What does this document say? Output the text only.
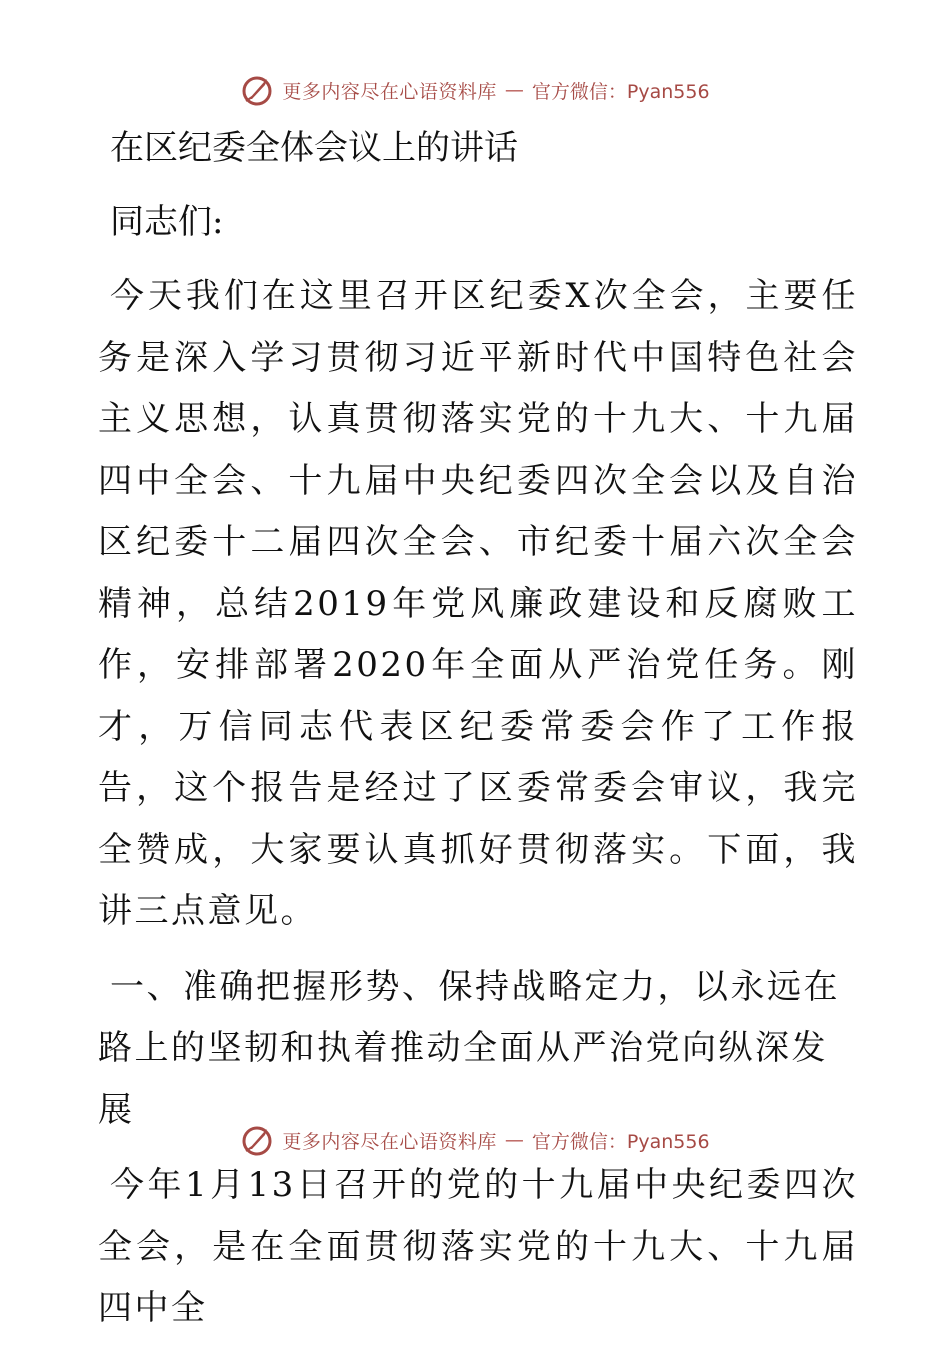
更多内容尽在心语资料库 — 官方微信：Pyan556
在区纪委全体会议上的讲话
同志们:
今天我们在这里召开区纪委X次全会，主要任务是深入学习贯彻习近平新时代中国特色社会主义思想，认真贯彻落实党的十九大、十九届四中全会、十九届中央纪委四次全会以及自治区纪委十二届四次全会、市纪委十届六次全会精神，总结2019年党风廉政建设和反腐败工作，安排部署2020年全面从严治党任务。刚才，万信同志代表区纪委常委会作了工作报告，这个报告是经过了区委常委会审议，我完全赞成，大家要认真抓好贯彻落实。下面，我讲三点意见。
一、准确把握形势、保持战略定力，以永远在路上的坚韧和执着推动全面从严治党向纵深发展
今年1月13日召开的党的十九届中央纪委四次全会，是在全面贯彻落实党的十九大、十九届四中全
更多内容尽在心语资料库 — 官方微信：Pyan556
